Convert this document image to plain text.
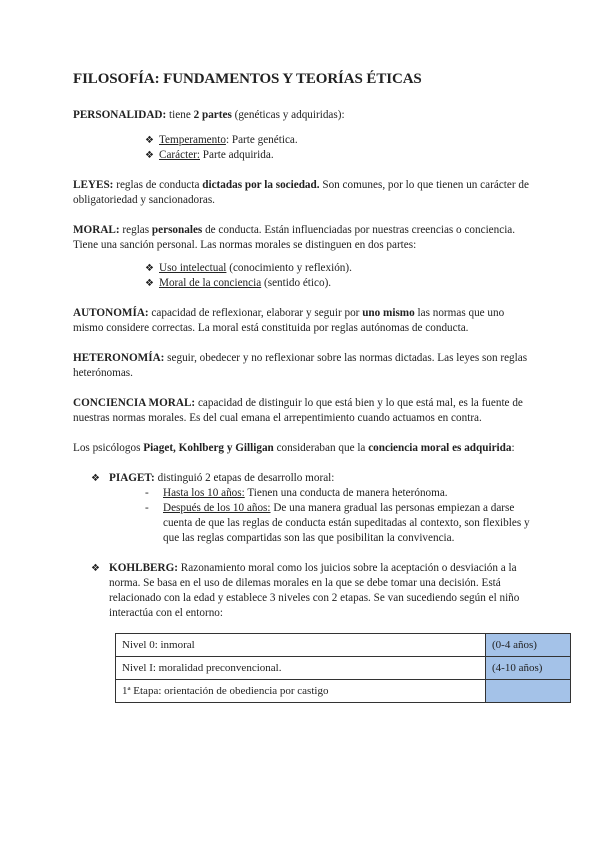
FILOSOFÍA: FUNDAMENTOS Y TEORÍAS ÉTICAS

PERSONALIDAD: tiene 2 partes (genéticas y adquiridas):

❖ Temperamento: Parte genética.
❖ Carácter: Parte adquirida.

LEYES: reglas de conducta dictadas por la sociedad. Son comunes, por lo que tienen un carácter de obligatoriedad y sancionadoras.

MORAL: reglas personales de conducta. Están influenciadas por nuestras creencias o conciencia. Tiene una sanción personal. Las normas morales se distinguen en dos partes:

❖ Uso intelectual (conocimiento y reflexión).
❖ Moral de la conciencia (sentido ético).

AUTONOMÍA: capacidad de reflexionar, elaborar y seguir por uno mismo las normas que uno mismo considere correctas. La moral está constituida por reglas autónomas de conducta.

HETERONOMÍA: seguir, obedecer y no reflexionar sobre las normas dictadas. Las leyes son reglas heterónomas.

CONCIENCIA MORAL: capacidad de distinguir lo que está bien y lo que está mal, es la fuente de nuestras normas morales. Es del cual emana el arrepentimiento cuando actuamos en contra.

Los psicólogos Piaget, Kohlberg y Gilligan consideraban que la conciencia moral es adquirida:

❖ PIAGET: distinguió 2 etapas de desarrollo moral:

- Hasta los 10 años: Tienen una conducta de manera heterónoma.
- Después de los 10 años: De una manera gradual las personas empiezan a darse cuenta de que las reglas de conducta están supeditadas al contexto, son flexibles y que las reglas compartidas son las que posibilitan la convivencia.
❖ KOHLBERG: Razonamiento moral como los juicios sobre la aceptación o desviación a la norma. Se basa en el uso de dilemas morales en la que se debe tomar una decisión. Está relacionado con la edad y establece 3 niveles con 2 etapas. Se van sucediendo según el niño interactúa con el entorno:

Nivel 0: inmoral	(0-4 años)
Nivel I: moralidad preconvencional.	(4-10 años)
1ª Etapa: orientación de obediencia por castigo	
